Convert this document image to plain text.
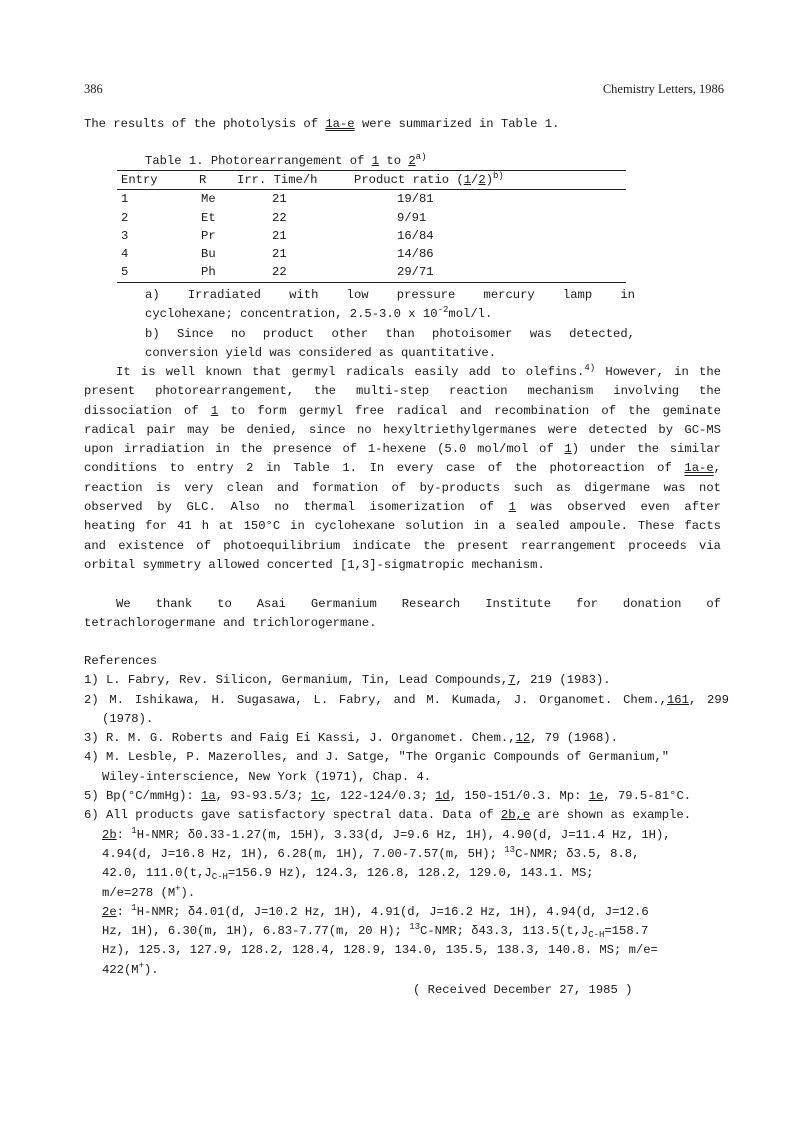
386	Chemistry Letters, 1986
The results of the photolysis of 1a-e were summarized in Table 1.
Table 1. Photorearrangement of 1 to 2$^{a)}$
Entry	R	Irr. Time/h	Product ratio $(1/2)^{b)}$
1	Me	21	19/81
2	Et	22	9/91
3	Pr	21	16/84
4	Bu	21	14/86
5	Ph	22	29/71
a) Irradiated with low pressure mercury lamp in
cyclohexane; concentration, 2.5-3.0 x $10^{-2}mol/l$.
b) Since no product other than photoisomer was detected,
conversion yield was considered as quantitative.
It is well known that germyl radicals easily add to olefins.$^{4)}$ However, in the
present photorearrangement, the multi-step reaction mechanism involving the
dissociation of 1 to form germyl free radical and recombination of the geminate
radical pair may be denied, since no hexyltriethylgermanes were detected by GC-MS
upon irradiation in the presence of 1-hexene (5.0 mol/mol of 1) under the similar
conditions to entry 2 in Table 1. In every case of the photoreaction of 1a-e,
reaction is very clean and formation of by-products such as digermane was not
observed by GLC. Also no thermal isomerization of 1 was observed even after
heating for 41 h at 150°C in cyclohexane solution in a sealed ampoule. These facts
and existence of photoequilibrium indicate the present rearrangement proceeds via
orbital symmetry allowed concerted [1,3]-sigmatropic mechanism.
We thank to Asai Germanium Research Institute for donation of
tetrachlorogermane and trichlorogermane.
References
1) L. Fabry, Rev. Silicon, Germanium, Tin, Lead Compounds,7, 219 (1983).
2) M. Ishikawa, H. Sugasawa, L. Fabry, and M. Kumada, J. Organomet. Chem.,161, 299
(1978).
3) R. M. G. Roberts and Faig Ei Kassi, J. Organomet. Chem.,12, 79 (1968).
4) M. Lesble, P. Mazerolles, and J. Satge, "The Organic Compounds of Germanium,"
Wiley-interscience, New York (1971), Chap. 4.
5) Bp(°C/mmHg): 1a, 93-93.5/3; 1c, 122-124/0.3; 1d, 150-151/0.3. Mp: 1e, 79.5-81°C.
6) All products gave satisfactory spectral data. Data of 2b,e are shown as example.
2b: $^1$H-NMR; δ0.33-1.27(m, 15H), 3.33(d, J=9.6 Hz, 1H), 4.90(d, J=11.4 Hz, 1H),
4.94(d, J=16.8 Hz, 1H), 6.28(m, 1H), 7.00-7.57(m, 5H); $^{13}$C-NMR; δ3.5, 8.8,
42.0, $111.0(t,J_{C-H}=156.9$ Hz), 124.3, 126.8, 128.2, 129.0, 143.1. MS;
m/e=278 (M+).
2e: $^1$H-NMR; δ4.01(d, J=10.2 Hz, 1H), 4.91(d, J=16.2 Hz, 1H), 4.94(d, J=12.6
Hz, 1H), 6.30(m, 1H), 6.83-7.77(m, 20 H); $^{13}$C-NMR; δ43.3, $113.5(t,J_{C-H}=158.7$
Hz), 125.3, 127.9, 128.2, 128.4, 128.9, 134.0, 135.5, 138.3, 140.8. MS; m/e=
422(M+).
( Received December 27, 1985 )
